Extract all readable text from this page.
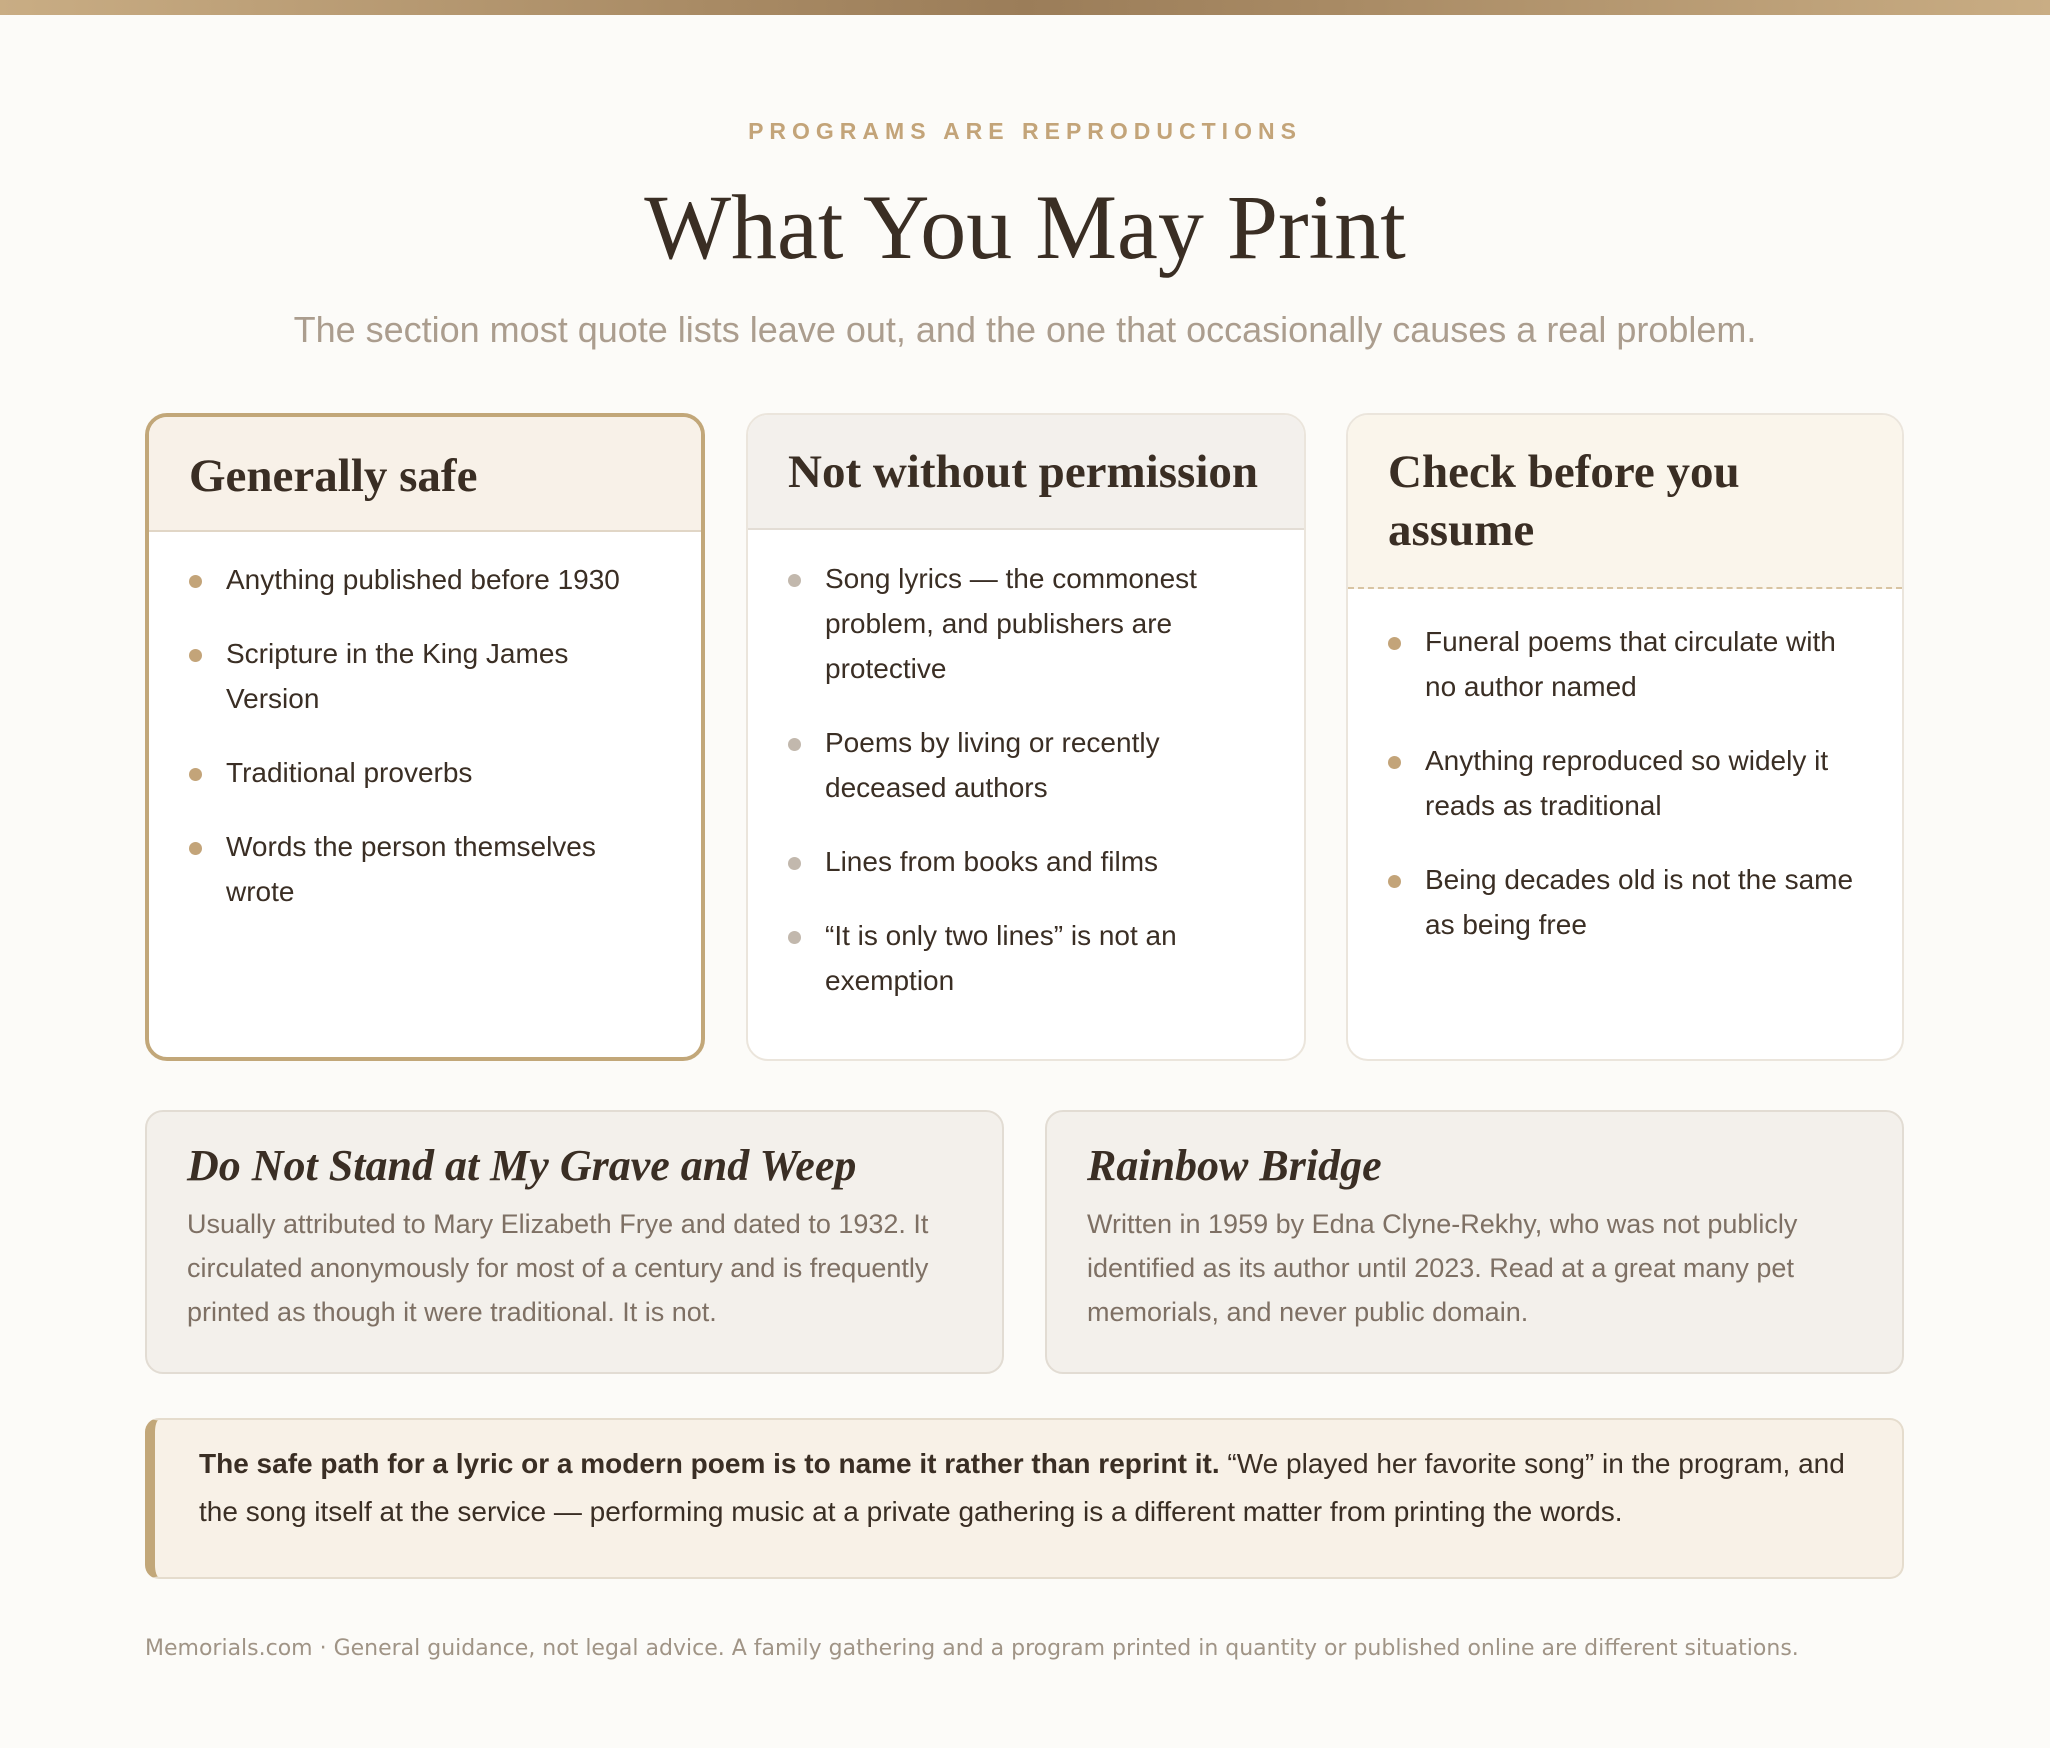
PROGRAMS ARE REPRODUCTIONS
What You May Print
The section most quote lists leave out, and the one that occasionally causes a real problem.
Generally safe
Anything published before 1930
Scripture in the King James Version
Traditional proverbs
Words the person themselves wrote
Not without permission
Song lyrics — the commonest problem, and publishers are protective
Poems by living or recently deceased authors
Lines from books and films
“It is only two lines” is not an exemption
Check before you assume
Funeral poems that circulate with no author named
Anything reproduced so widely it reads as traditional
Being decades old is not the same as being free
Do Not Stand at My Grave and Weep
Usually attributed to Mary Elizabeth Frye and dated to 1932. It circulated anonymously for most of a century and is frequently printed as though it were traditional. It is not.
Rainbow Bridge
Written in 1959 by Edna Clyne-Rekhy, who was not publicly identified as its author until 2023. Read at a great many pet memorials, and never public domain.
The safe path for a lyric or a modern poem is to name it rather than reprint it. “We played her favorite song” in the program, and the song itself at the service — performing music at a private gathering is a different matter from printing the words.
Memorials.com · General guidance, not legal advice. A family gathering and a program printed in quantity or published online are different situations.
